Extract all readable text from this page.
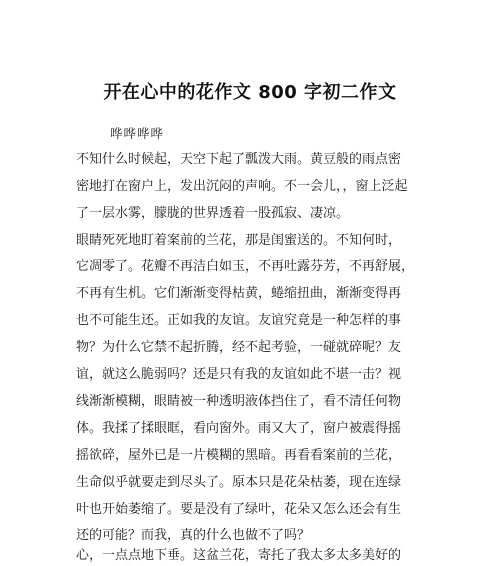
开在心中的花作文 800 字初二作文
哗哗哗哗
不知什么时候起，天空下起了瓢泼大雨。黄豆般的雨点密
密地打在窗户上，发出沉闷的声响。不一会儿，，窗上泛起
了一层水雾，朦胧的世界透着一股孤寂、凄凉。
眼睛死死地盯着案前的兰花，那是闺蜜送的。不知何时，
它凋零了。花瓣不再洁白如玉，不再吐露芬芳，不再舒展，
不再有生机。它们渐渐变得枯黄，蜷缩扭曲，渐渐变得再
也不可能生还。正如我的友谊。友谊究竟是一种怎样的事
物？为什么它禁不起折腾，经不起考验，一碰就碎呢？友
谊，就这么脆弱吗？还是只有我的友谊如此不堪一击？视
线渐渐模糊，眼睛被一种透明液体挡住了，看不清任何物
体。我揉了揉眼眶，看向窗外。雨又大了，窗户被震得摇
摇欲碎，屋外已是一片模糊的黑暗。再看看案前的兰花，
生命似乎就要走到尽头了。原本只是花朵枯萎，现在连绿
叶也开始萎缩了。要是没有了绿叶，花朵又怎么还会有生
还的可能？而我，真的什么也做不了吗？
心，一点点地下垂。这盆兰花，寄托了我太多太多美好的
